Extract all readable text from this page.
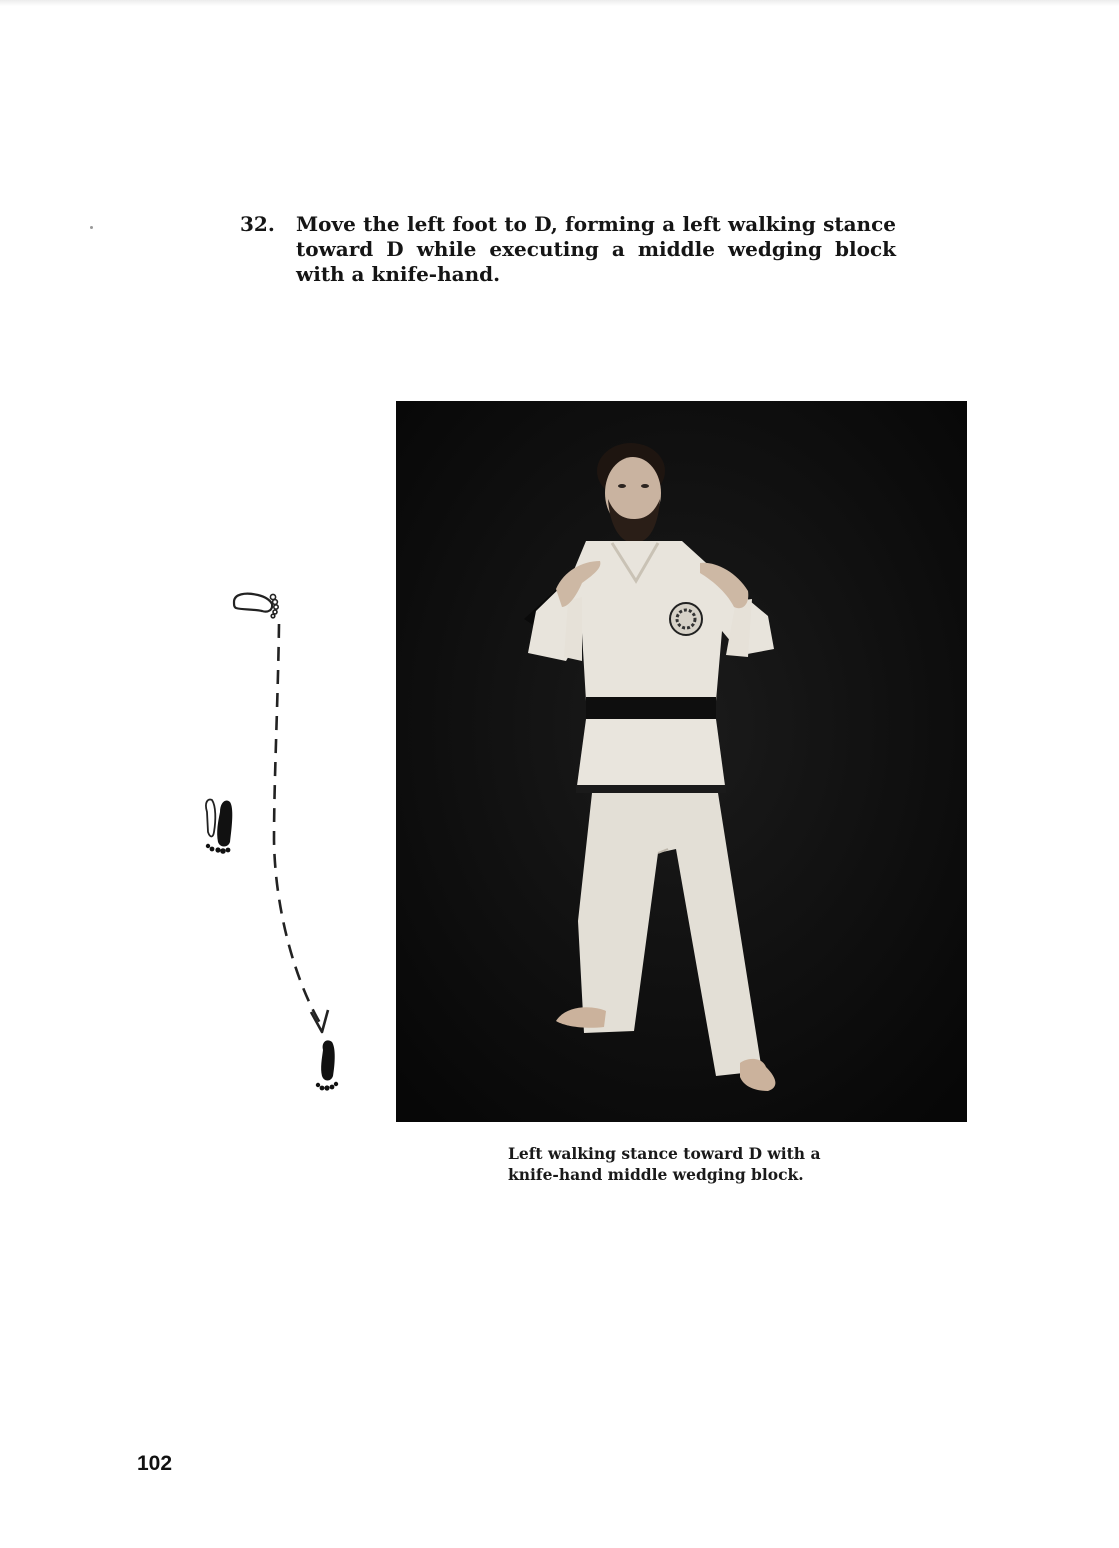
32.	Move the left foot to D, forming a left walking stance toward D while executing a middle wedging block with a knife-hand.
Left walking stance toward D with a
knife-hand middle wedging block.
102
